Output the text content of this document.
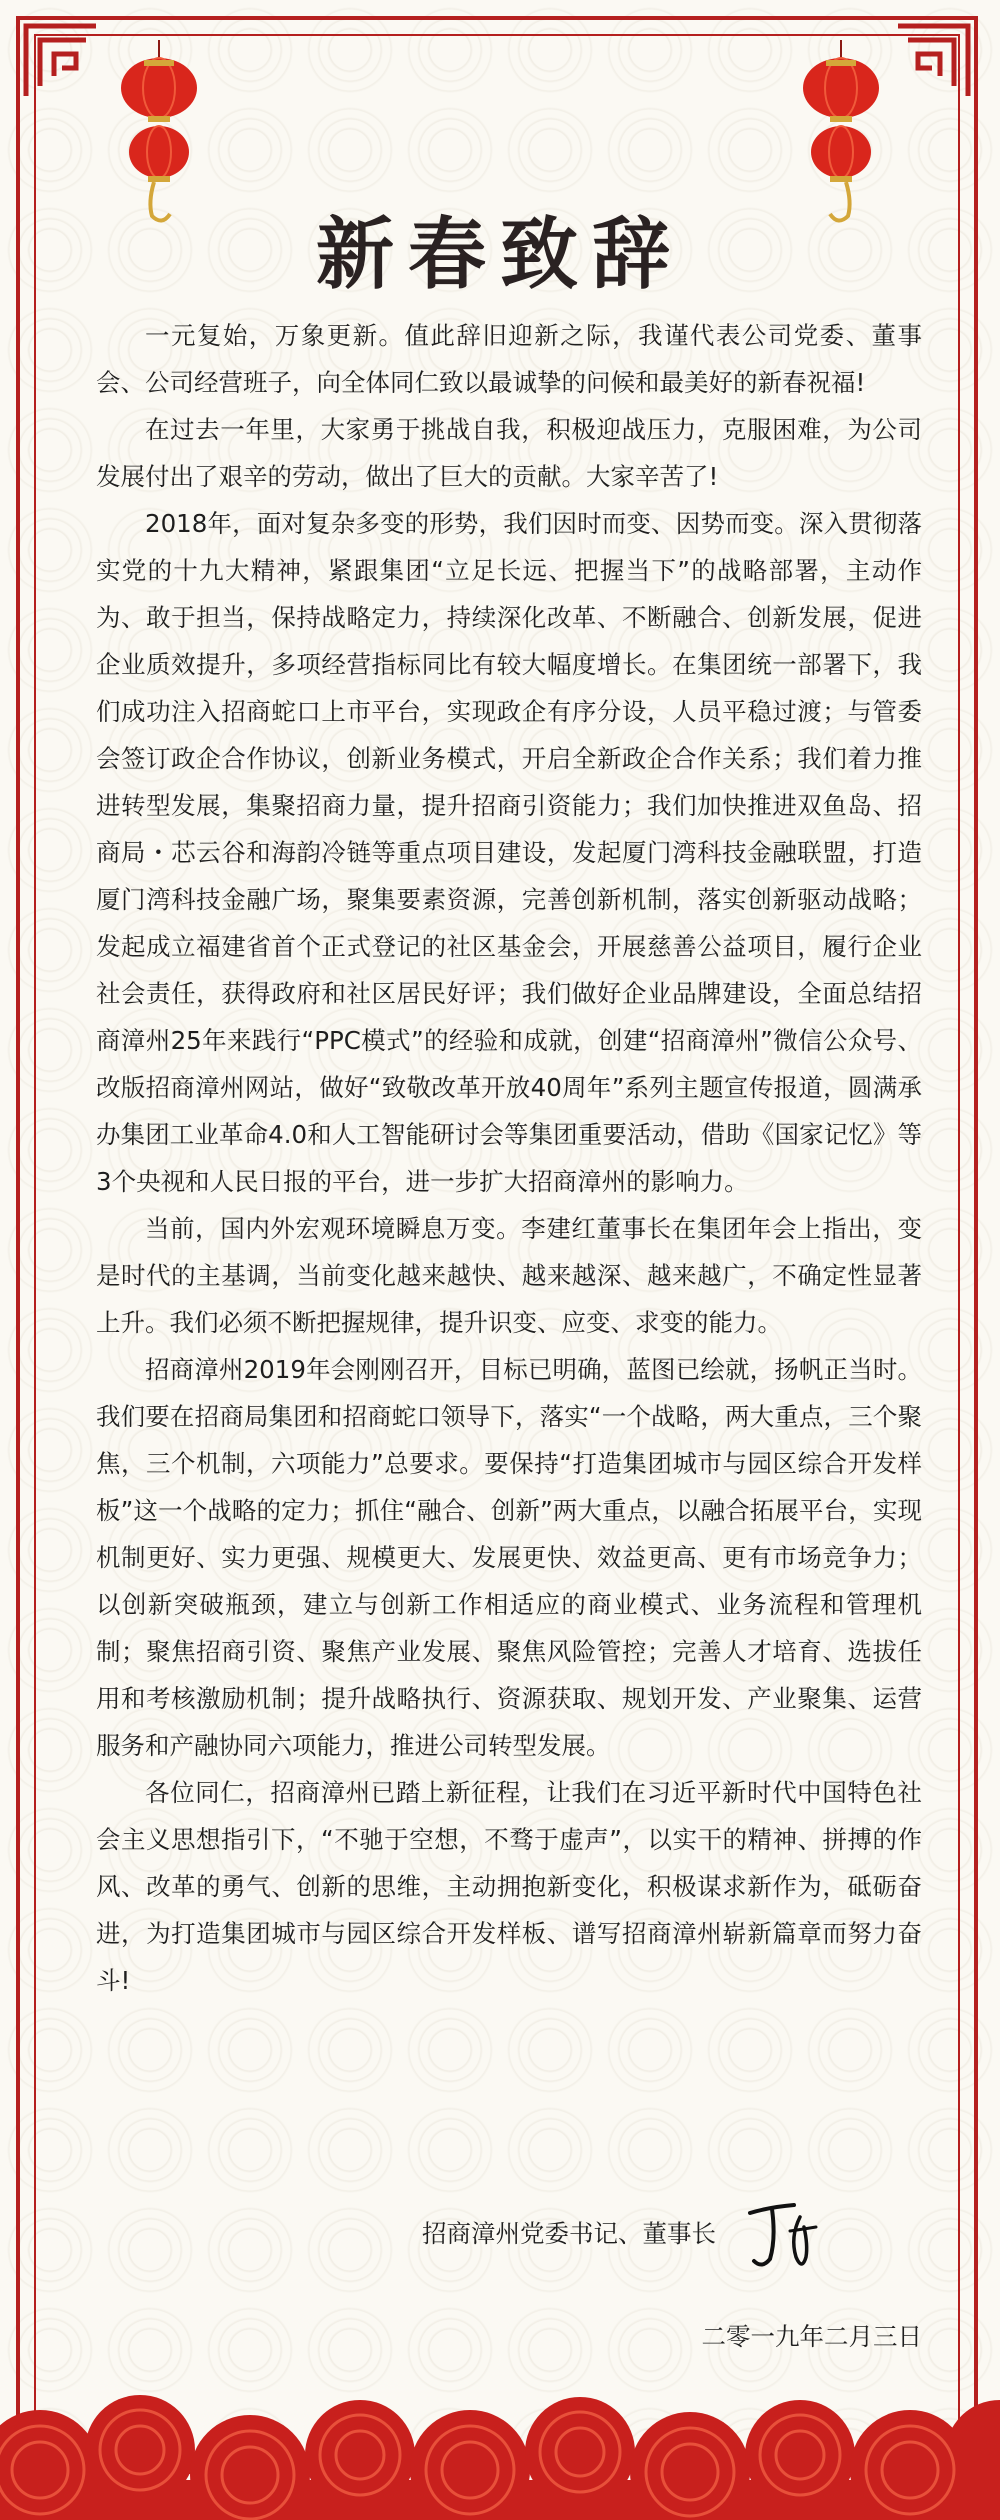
新春致辞

一元复始，万象更新。值此辞旧迎新之际，我谨代表公司党委、董事会、公司经营班子，向全体同仁致以最诚挚的问候和最美好的新春祝福!

在过去一年里，大家勇于挑战自我，积极迎战压力，克服困难，为公司发展付出了艰辛的劳动，做出了巨大的贡献。大家辛苦了!

2018年，面对复杂多变的形势，我们因时而变、因势而变。深入贯彻落实党的十九大精神，紧跟集团“立足长远、把握当下”的战略部署，主动作为、敢于担当，保持战略定力，持续深化改革、不断融合、创新发展，促进企业质效提升，多项经营指标同比有较大幅度增长。在集团统一部署下，我们成功注入招商蛇口上市平台，实现政企有序分设，人员平稳过渡；与管委会签订政企合作协议，创新业务模式，开启全新政企合作关系；我们着力推进转型发展，集聚招商力量，提升招商引资能力；我们加快推进双鱼岛、招商局・芯云谷和海韵冷链等重点项目建设，发起厦门湾科技金融联盟，打造厦门湾科技金融广场，聚集要素资源，完善创新机制，落实创新驱动战略；发起成立福建省首个正式登记的社区基金会，开展慈善公益项目，履行企业社会责任，获得政府和社区居民好评；我们做好企业品牌建设，全面总结招商漳州25年来践行“PPC模式”的经验和成就，创建“招商漳州”微信公众号、改版招商漳州网站，做好“致敬改革开放40周年”系列主题宣传报道，圆满承办集团工业革命4.0和人工智能研讨会等集团重要活动，借助《国家记忆》等3个央视和人民日报的平台，进一步扩大招商漳州的影响力。

当前，国内外宏观环境瞬息万变。李建红董事长在集团年会上指出，变是时代的主基调，当前变化越来越快、越来越深、越来越广，不确定性显著上升。我们必须不断把握规律，提升识变、应变、求变的能力。

招商漳州2019年会刚刚召开，目标已明确，蓝图已绘就，扬帆正当时。我们要在招商局集团和招商蛇口领导下，落实“一个战略，两大重点，三个聚焦，三个机制，六项能力”总要求。要保持“打造集团城市与园区综合开发样板”这一个战略的定力；抓住“融合、创新”两大重点，以融合拓展平台，实现机制更好、实力更强、规模更大、发展更快、效益更高、更有市场竞争力；以创新突破瓶颈，建立与创新工作相适应的商业模式、业务流程和管理机制；聚焦招商引资、聚焦产业发展、聚焦风险管控；完善人才培育、选拔任用和考核激励机制；提升战略执行、资源获取、规划开发、产业聚集、运营服务和产融协同六项能力，推进公司转型发展。

各位同仁，招商漳州已踏上新征程，让我们在习近平新时代中国特色社会主义思想指引下，“不驰于空想，不骛于虚声”，以实干的精神、拼搏的作风、改革的勇气、创新的思维，主动拥抱新变化，积极谋求新作为，砥砺奋进，为打造集团城市与园区综合开发样板、谱写招商漳州崭新篇章而努力奋斗!

招商漳州党委书记、董事长
二零一九年二月三日
